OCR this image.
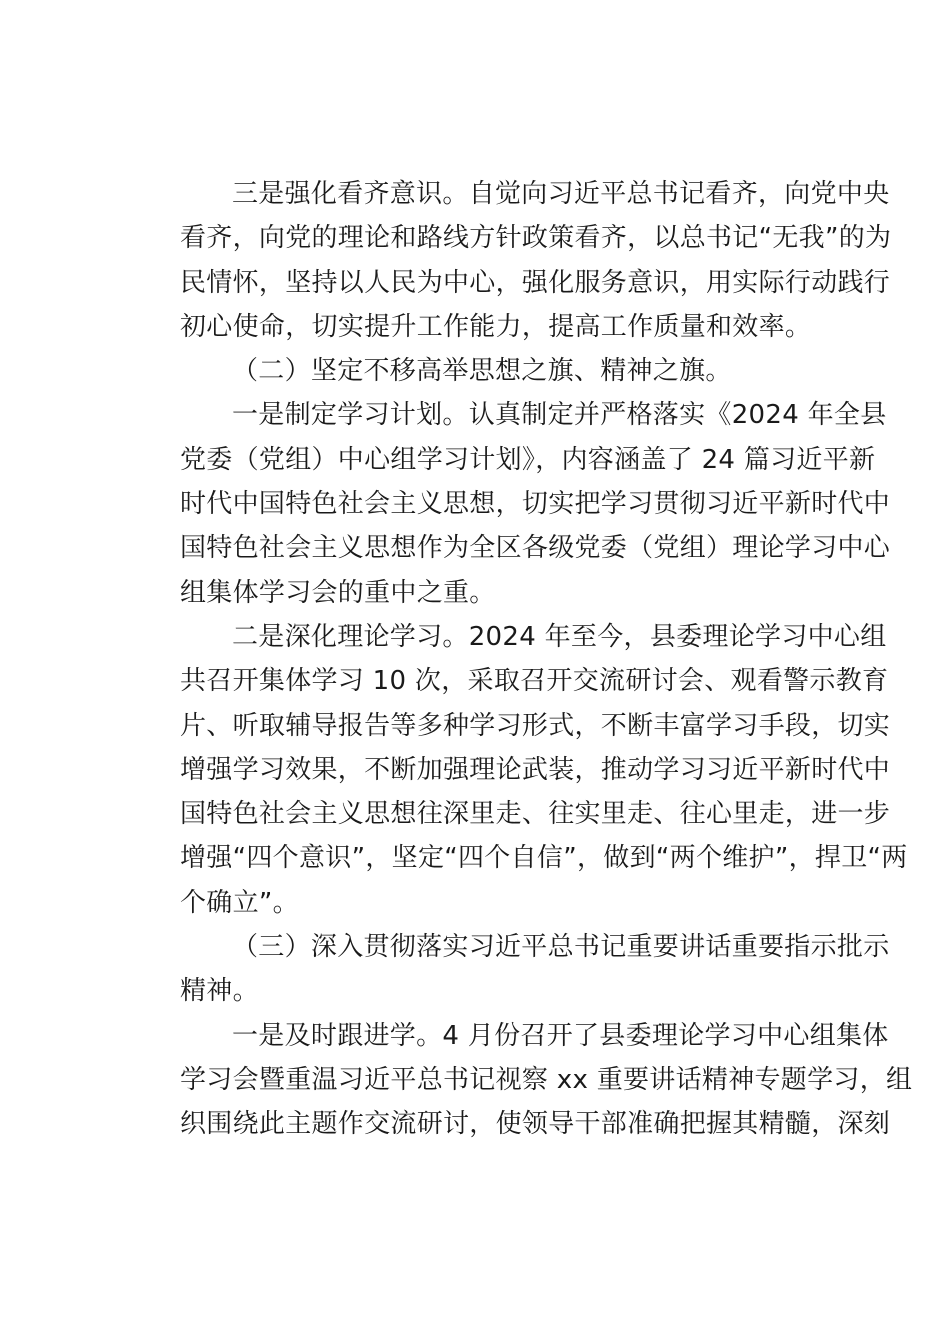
三是强化看齐意识。自觉向习近平总书记看齐，向党中央
看齐，向党的理论和路线方针政策看齐，以总书记“无我”的为
民情怀，坚持以人民为中心，强化服务意识，用实际行动践行
初心使命，切实提升工作能力，提高工作质量和效率。

（二）坚定不移高举思想之旗、精神之旗。

一是制定学习计划。认真制定并严格落实《2024 年全县
党委（党组）中心组学习计划》，内容涵盖了 24 篇习近平新
时代中国特色社会主义思想，切实把学习贯彻习近平新时代中
国特色社会主义思想作为全区各级党委（党组）理论学习中心
组集体学习会的重中之重。

二是深化理论学习。2024 年至今，县委理论学习中心组
共召开集体学习 10 次，采取召开交流研讨会、观看警示教育
片、听取辅导报告等多种学习形式，不断丰富学习手段，切实
增强学习效果，不断加强理论武装，推动学习习近平新时代中
国特色社会主义思想往深里走、往实里走、往心里走，进一步
增强“四个意识”，坚定“四个自信”，做到“两个维护”，捍卫“两
个确立”。

（三）深入贯彻落实习近平总书记重要讲话重要指示批示
精神。

一是及时跟进学。4 月份召开了县委理论学习中心组集体
学习会暨重温习近平总书记视察 xx 重要讲话精神专题学习，组
织围绕此主题作交流研讨，使领导干部准确把握其精髓，深刻
